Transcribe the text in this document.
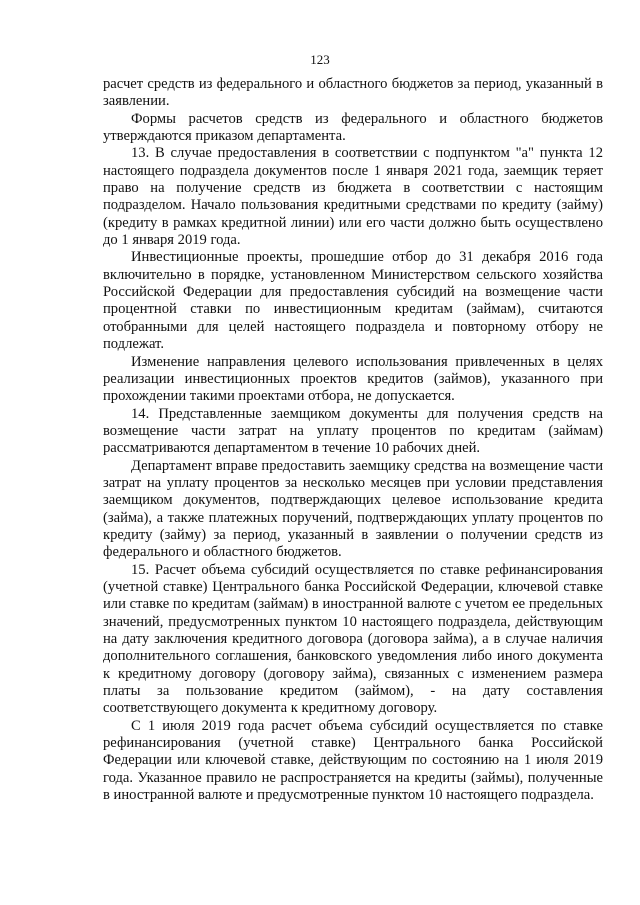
123

расчет средств из федерального и областного бюджетов за период, указанный в заявлении.

Формы расчетов средств из федерального и областного бюджетов утверждаются приказом департамента.

13. В случае предоставления в соответствии с подпунктом "а" пункта 12 настоящего подраздела документов после 1 января 2021 года, заемщик теряет право на получение средств из бюджета в соответствии с настоящим подразделом. Начало пользования кредитными средствами по кредиту (займу) (кредиту в рамках кредитной линии) или его части должно быть осуществлено до 1 января 2019 года.

Инвестиционные проекты, прошедшие отбор до 31 декабря 2016 года включительно в порядке, установленном Министерством сельского хозяйства Российской Федерации для предоставления субсидий на возмещение части процентной ставки по инвестиционным кредитам (займам), считаются отобранными для целей настоящего подраздела и повторному отбору не подлежат.

Изменение направления целевого использования привлеченных в целях реализации инвестиционных проектов кредитов (займов), указанного при прохождении такими проектами отбора, не допускается.

14. Представленные заемщиком документы для получения средств на возмещение части затрат на уплату процентов по кредитам (займам) рассматриваются департаментом в течение 10 рабочих дней.

Департамент вправе предоставить заемщику средства на возмещение части затрат на уплату процентов за несколько месяцев при условии представления заемщиком документов, подтверждающих целевое использование кредита (займа), а также платежных поручений, подтверждающих уплату процентов по кредиту (займу) за период, указанный в заявлении о получении средств из федерального и областного бюджетов.

15. Расчет объема субсидий осуществляется по ставке рефинансирования (учетной ставке) Центрального банка Российской Федерации, ключевой ставке или ставке по кредитам (займам) в иностранной валюте с учетом ее предельных значений, предусмотренных пунктом 10 настоящего подраздела, действующим на дату заключения кредитного договора (договора займа), а в случае наличия дополнительного соглашения, банковского уведомления либо иного документа к кредитному договору (договору займа), связанных с изменением размера платы за пользование кредитом (займом), - на дату составления соответствующего документа к кредитному договору.

С 1 июля 2019 года расчет объема субсидий осуществляется по ставке рефинансирования (учетной ставке) Центрального банка Российской Федерации или ключевой ставке, действующим по состоянию на 1 июля 2019 года. Указанное правило не распространяется на кредиты (займы), полученные в иностранной валюте и предусмотренные пунктом 10 настоящего подраздела.
